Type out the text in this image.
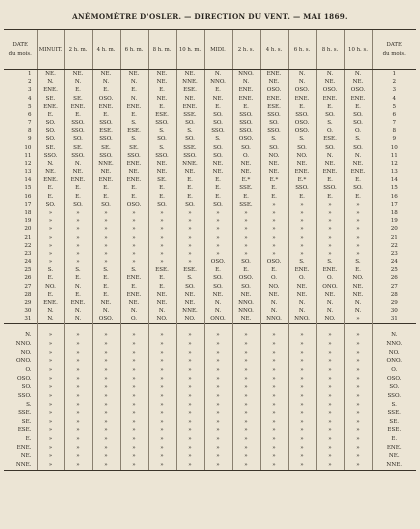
ANÉMOMÈTRE D'OSLER. — DIRECTION DU VENT. — MAI 1869.
DATE
du mois.	MINUIT.	2 h. m.	4 h. m.	6 h. m.	8 h. m.	10 h. m.	MIDI.	2 h. s.	4 h. s.	6 h. s.	8 h. s.	10 h. s.	DATE
du mois.

1	NE.	NE.	NE.	NE.	NE.	NE.	N.	NNO.	ENE.	N.	N.	N.	1
2	N.	N.	N.	N.	NE.	NNE.	NNO.	N.	NE.	N.	NE.	NE.	2
3	ENE.	E.	E.	E.	E.	ESE.	E.	ENE.	OSO.	OSO.	OSO.	OSO.	3
4	SE.	SE.	OSO.	N.	NE.	NE.	NE.	ENE.	ENE.	ENE.	ENE.	ENE.	4
5	ENE.	ENE.	ENE.	ENE.	E.	ENE.	E.	E.	ESE.	E.	E.	E.	5
6	E.	E.	E.	E.	ESE.	SSE.	SO.	SSO.	SSO.	SSO.	SO.	SO.	6
7	SO.	SSO.	SSO.	S.	SSO.	SO.	SO.	SSO.	SO.	OSO.	S.	SO.	7
8	SO.	SSO.	ESE.	ESE.	S.	S.	SSO.	SSO.	SSO.	OSO.	O.	O.	8
9	SO.	SO.	SSO.	S.	SO.	SO.	S.	OSO.	S.	S.	ESE.	S.	9
10	SE.	SE.	SE.	SE.	S.	SSE.	SO.	SO.	SO.	SO.	SO.	SO.	10
11	SSO.	SSO.	SSO.	SSO.	SSO.	SSO.	SO.	O.	NO.	NO.	N.	N.	11
12	N.	N.	NNE.	ENE.	NE.	NNE.	NE.	NE.	NE.	NE.	NE.	NE.	12
13	NE.	NE.	NE.	NE.	NE.	NE.	NE.	NE.	NE.	ENE.	ENE.	ENE.	13
14	ENE.	ENE.	ENE.	ENE.	SE.	E.	E.	E.*	E.*	E.*	E.	E.	14
15	E.	E.	E.	E.	E.	E.	E.	SSE.	E.	SSO.	SSO.	SO.	15
16	E.	E.	E.	E.	E.	E.	E.	E.	E.	E.	E.	E.	16
17	SO.	SO.	SO.	OSO.	SO.	SO.	SO.	SSE.	»	»	»	»	17
18	»	»	»	»	»	»	»	»	»	»	»	»	18
19	»	»	»	»	»	»	»	»	»	»	»	»	19
20	»	»	»	»	»	»	»	»	»	»	»	»	20
21	»	»	»	»	»	»	»	»	»	»	»	»	21
22	»	»	»	»	»	»	»	»	»	»	»	»	22
23	»	»	»	»	»	»	»	»	»	»	»	»	23
24	»	»	»	»	»	»	OSO.	SO.	OSO.	S.	S.	S.	24
25	S.	S.	S.	S.	ESE.	ESE.	E.	E.	E.	ENE.	ENE.	E.	25
26	E.	E.	E.	ENE.	E.	S.	SO.	OSO.	O.	O.	O.	NO.	26
27	NO.	N.	E.	E.	E.	SO.	SO.	SO.	NO.	NE.	ONO.	NE.	27
28	E.	E.	E.	ENE.	NE.	NE.	NE.	NE.	NE.	NE.	NE.	NE.	28
29	ENE.	ENE.	NE.	NE.	NE.	NE.	N.	NNO.	N.	N.	N.	N.	29
30	N.	N.	N.	N.	N.	NNE.	N.	NNO.	N.	N.	N.	N.	30
31	N.	N.	OSO.	O.	NO.	NO.	ONO.	NE.	NNO.	NNO.	NO.	»	31

N.	»	»	»	»	»	»	»	»	»	»	»	»	N.
NNO.	»	»	»	»	»	»	»	»	»	»	»	»	NNO.
NO.	»	»	»	»	»	»	»	»	»	»	»	»	NO.
ONO.	»	»	»	»	»	»	»	»	»	»	»	»	ONO.
O.	»	»	»	»	»	»	»	»	»	»	»	»	O.
OSO.	»	»	»	»	»	»	»	»	»	»	»	»	OSO.
SO.	»	»	»	»	»	»	»	»	»	»	»	»	SO.
SSO.	»	»	»	»	»	»	»	»	»	»	»	»	SSO.
S.	»	»	»	»	»	»	»	»	»	»	»	»	S.
SSE.	»	»	»	»	»	»	»	»	»	»	»	»	SSE.
SE.	»	»	»	»	»	»	»	»	»	»	»	»	SE.
ESE.	»	»	»	»	»	»	»	»	»	»	»	»	ESE.
E.	»	»	»	»	»	»	»	»	»	»	»	»	E.
ENE.	»	»	»	»	»	»	»	»	»	»	»	»	ENE.
NE.	»	»	»	»	»	»	»	»	»	»	»	»	NE.
NNE.	»	»	»	»	»	»	»	»	»	»	»	»	NNE.
